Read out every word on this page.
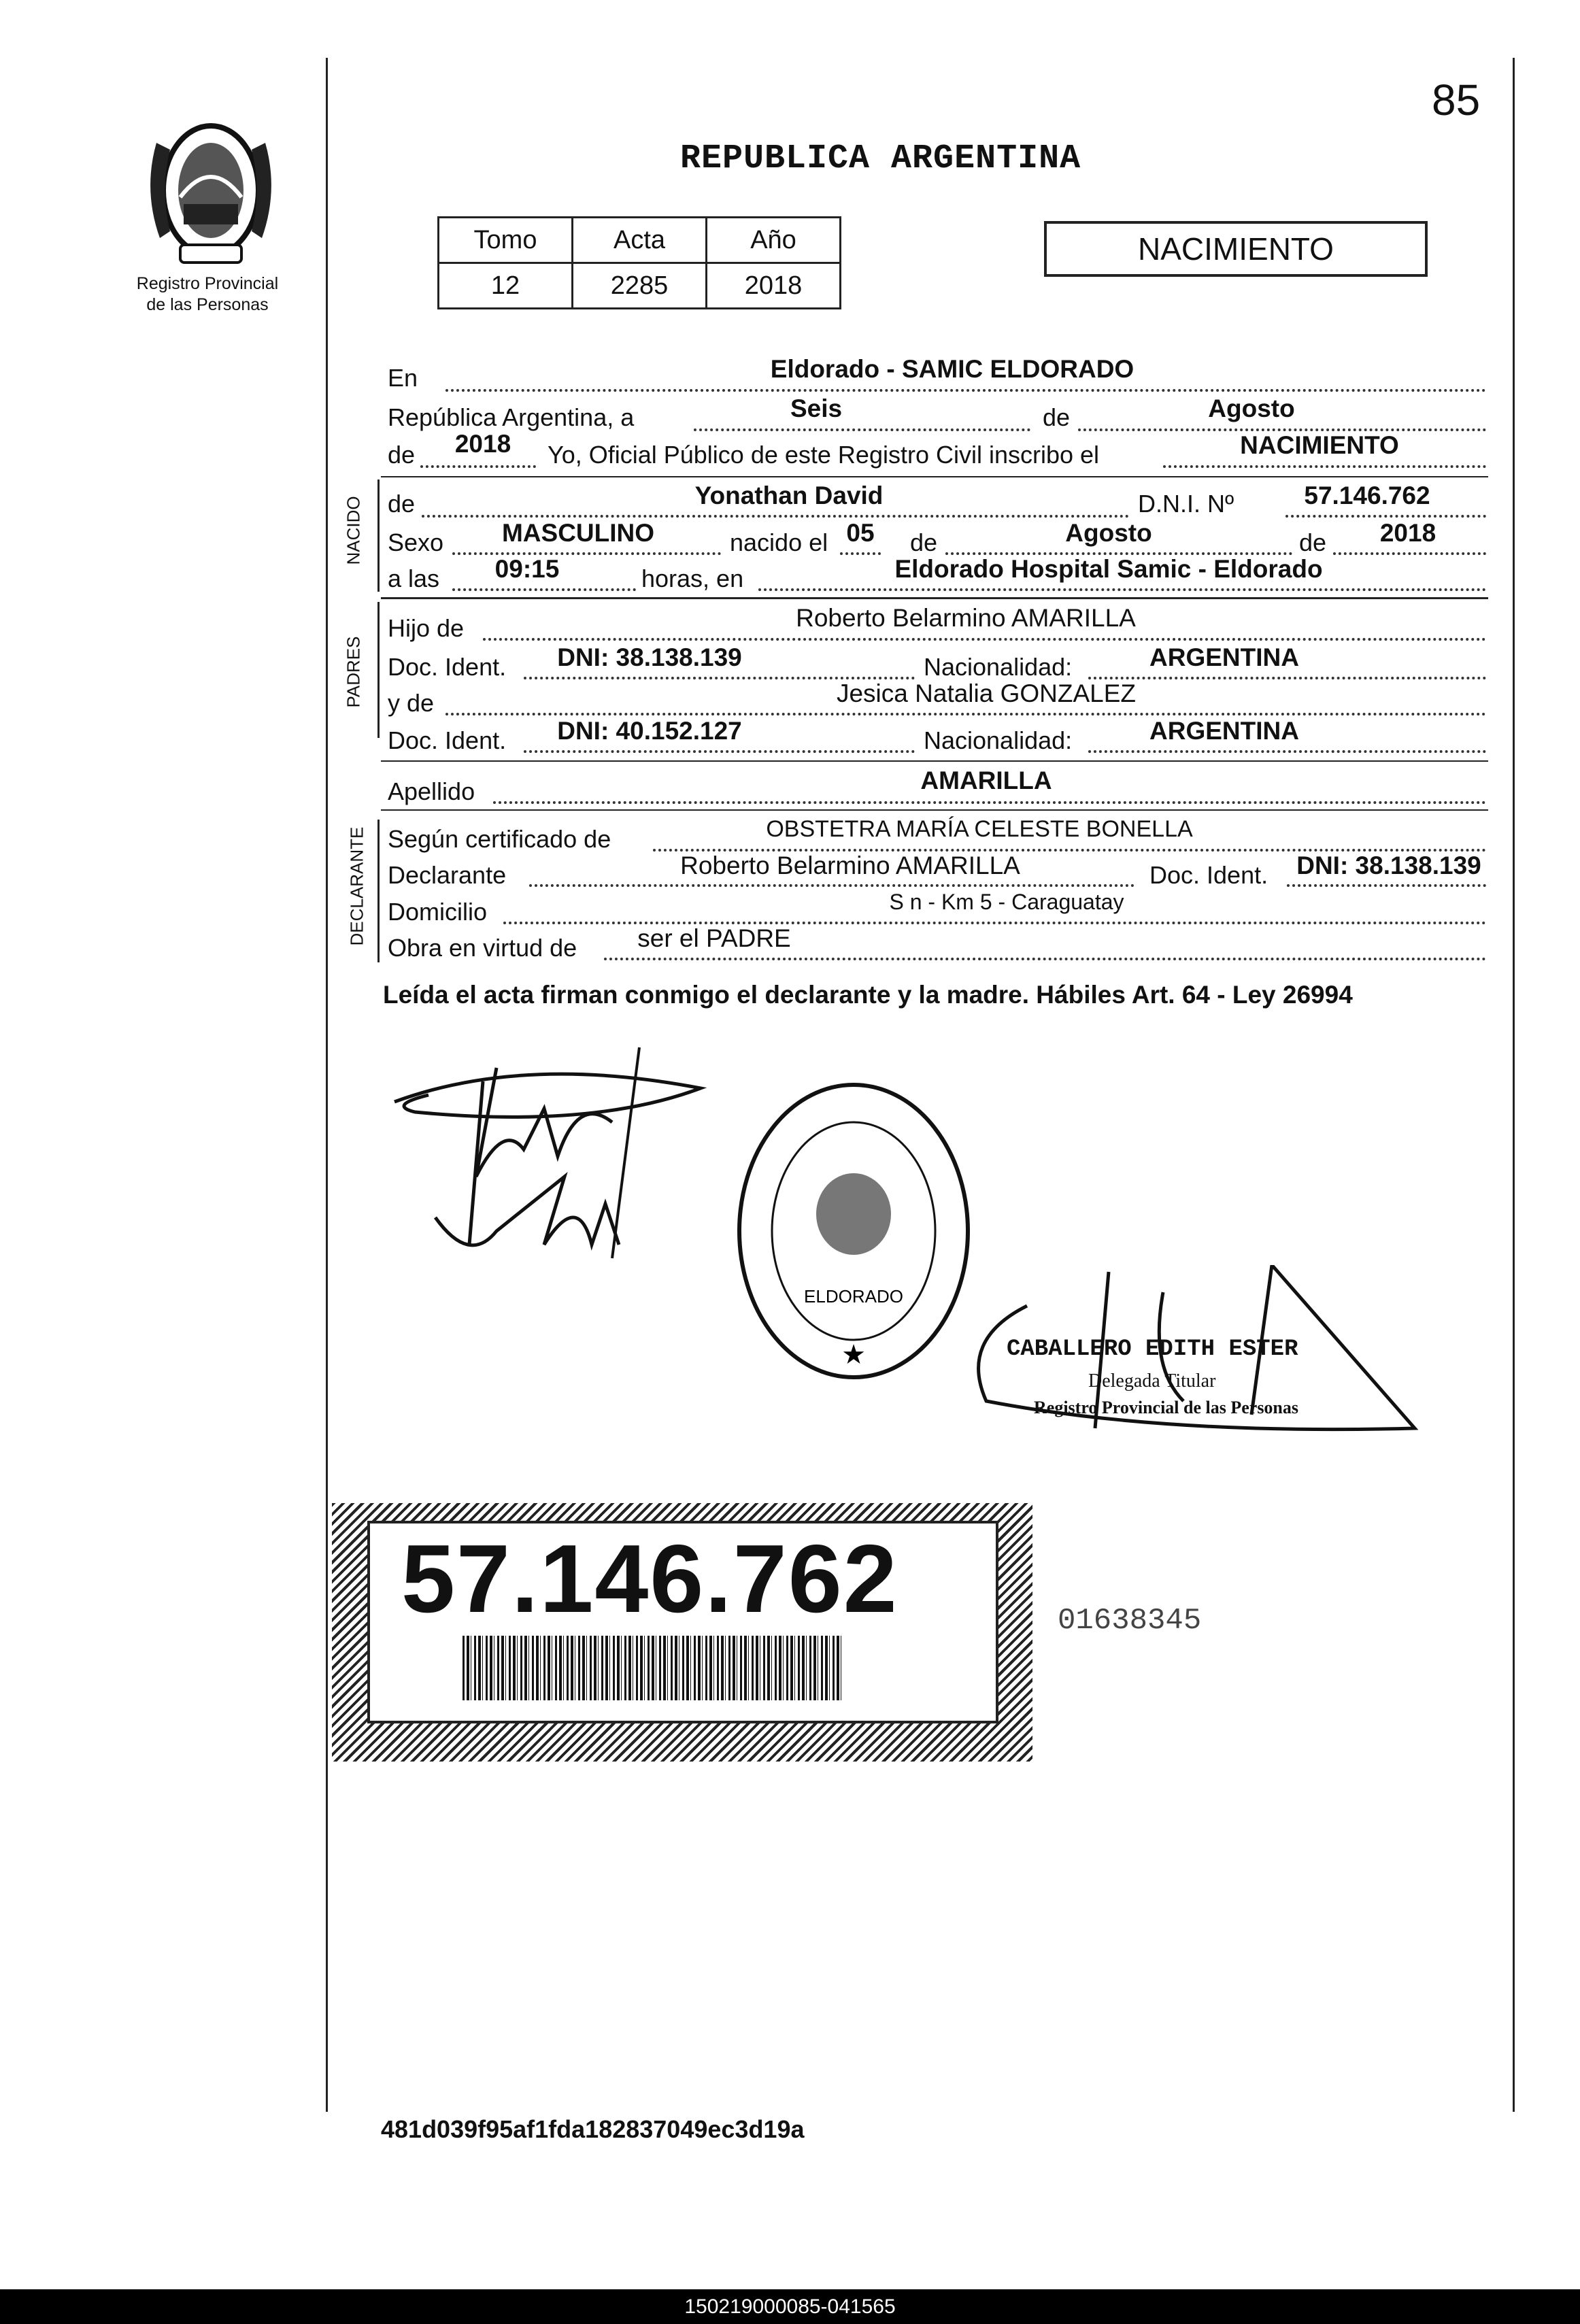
Registro Provincial
de las Personas
85
REPUBLICA ARGENTINA
Tomo	Acta	Año
12	2285	2018
NACIMIENTO
NACIDO
PADRES
DECLARANTE
En	Eldorado - SAMIC ELDORADO
República Argentina, a	Seis	de	Agosto
de	2018	Yo, Oficial Público de este Registro Civil inscribo el	NACIMIENTO
de	Yonathan David	D.N.I. Nº	57.146.762
Sexo	MASCULINO	nacido el 05	de	Agosto	de	2018
a las	09:15	horas, en	Eldorado Hospital Samic - Eldorado
Hijo de	Roberto Belarmino AMARILLA
Doc. Ident.	DNI: 38.138.139	Nacionalidad:	ARGENTINA
y de	Jesica Natalia GONZALEZ
Doc. Ident.	DNI: 40.152.127	Nacionalidad:	ARGENTINA
Apellido	AMARILLA
Según certificado de	OBSTETRA MARÍA CELESTE BONELLA
Declarante	Roberto Belarmino AMARILLA	Doc. Ident.	DNI: 38.138.139
Domicilio	S n - Km 5 - Caraguatay
Obra en virtud de	ser el PADRE
Leída el acta firman conmigo el declarante y la madre. Hábiles Art. 64 - Ley 26994
ELDORADO
★	CABALLERO EDITH ESTER
Delegada Titular
Registro Provincial de las Personas
57.146.762	01638345
481d039f95af1fda182837049ec3d19a
150219000085-041565
